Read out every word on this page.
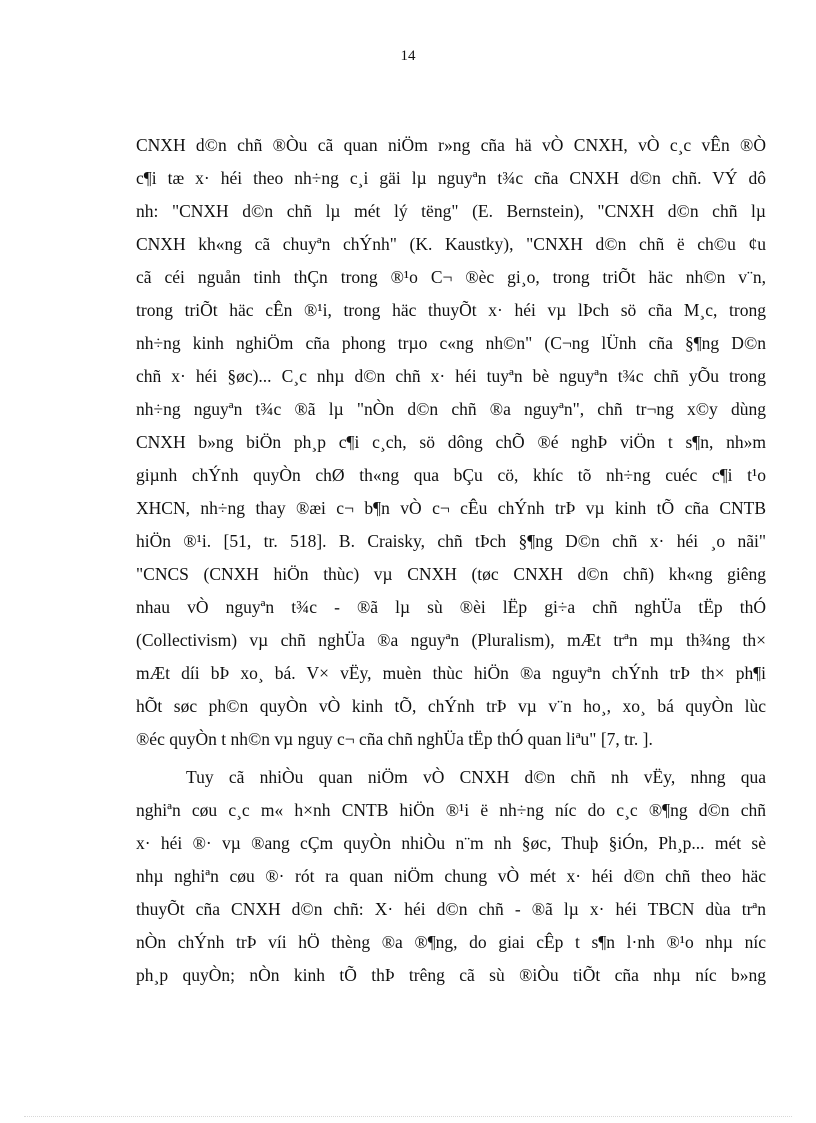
14
CNXH d©n chñ ®Òu cã quan niÖm r»ng cña hä vÒ CNXH, vÒ c¸c vÊn ®Ò
c¶i tæ x· héi theo nh÷ng c¸i gäi lµ nguyªn t¾c cña CNXH d©n chñ. VÝ dô
nh: "CNXH d©n chñ lµ mét lý tëng" (E. Bernstein), "CNXH d©n chñ lµ
CNXH kh«ng cã chuyªn chÝnh" (K. Kaustky), "CNXH d©n chñ ë ch©u ¢u
cã céi nguån tinh thÇn trong ®¹o C¬ ®èc gi¸o, trong triÕt häc nh©n v¨n,
trong triÕt häc cÊn ®¹i, trong häc thuyÕt x· héi vµ lÞch sö cña M¸c, trong
nh÷ng kinh nghiÖm cña phong trµo c«ng nh©n" (C¬ng lÜnh cña §¶ng D©n
chñ x· héi §øc)... C¸c nhµ d©n chñ x· héi tuyªn bè nguyªn t¾c chñ yÕu trong
nh÷ng nguyªn t¾c ®ã lµ "nÒn d©n chñ ®a nguyªn", chñ tr¬ng x©y dùng
CNXH b»ng biÖn ph¸p c¶i c¸ch, sö dông chÕ ®é nghÞ viÖn t s¶n, nh»m
giµnh chÝnh quyÒn chØ th«ng qua bÇu cö, khíc tõ nh÷ng cuéc c¶i t¹o
XHCN, nh÷ng thay ®æi c¬ b¶n vÒ c¬ cÊu chÝnh trÞ vµ kinh tÕ cña CNTB
hiÖn ®¹i. [51, tr. 518]. B. Craisky, chñ tÞch §¶ng D©n chñ x· héi ¸o nãi"
"CNCS (CNXH hiÖn thùc) vµ CNXH (tøc CNXH d©n chñ) kh«ng giêng
nhau vÒ nguyªn t¾c - ®ã lµ sù ®èi lËp gi÷a chñ nghÜa tËp thÓ
(Collectivism) vµ chñ nghÜa ®a nguyªn (Pluralism), mÆt trªn mµ th¾ng th×
mÆt díi bÞ xo¸ bá. V× vËy, muèn thùc hiÖn ®a nguyªn chÝnh trÞ th× ph¶i
hÕt søc ph©n quyÒn vÒ kinh tÕ, chÝnh trÞ vµ v¨n ho¸, xo¸ bá quyÒn lùc
®éc quyÒn t nh©n vµ nguy c¬ cña chñ nghÜa tËp thÓ quan liªu" [7, tr. ].
Tuy cã nhiÒu quan niÖm vÒ CNXH d©n chñ nh vËy, nhng qua
nghiªn cøu c¸c m« h×nh CNTB hiÖn ®¹i ë nh÷ng níc do c¸c ®¶ng d©n chñ
x· héi ®· vµ ®ang cÇm quyÒn nhiÒu n¨m nh §øc, Thuþ §iÓn, Ph¸p... mét sè
nhµ nghiªn cøu ®· rót ra quan niÖm chung vÒ mét x· héi d©n chñ theo häc
thuyÕt cña CNXH d©n chñ: X· héi d©n chñ - ®ã lµ x· héi TBCN dùa trªn
nÒn chÝnh trÞ víi hÖ thèng ®a ®¶ng, do giai cÊp t s¶n l·nh ®¹o nhµ níc
ph¸p quyÒn; nÒn kinh tÕ thÞ trêng cã sù ®iÒu tiÕt cña nhµ níc b»ng
